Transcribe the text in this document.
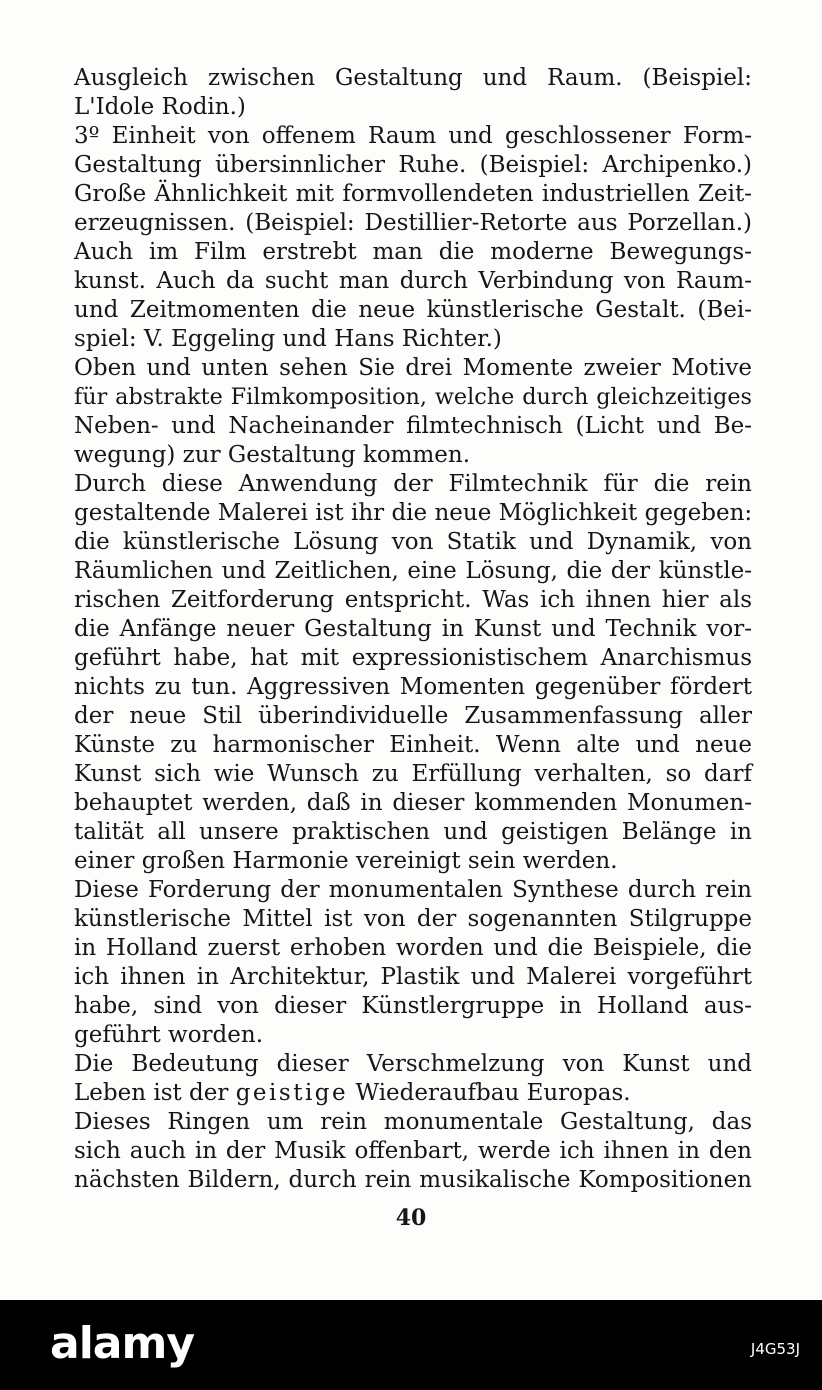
Ausgleich zwischen Gestaltung und Raum. (Beispiel:
L'Idole Rodin.)
3º Einheit von offenem Raum und geschlossener Form-
Gestaltung übersinnlicher Ruhe. (Beispiel: Archipenko.)
Große Ähnlichkeit mit formvollendeten industriellen Zeit-
erzeugnissen. (Beispiel: Destillier-Retorte aus Porzellan.)
Auch im Film erstrebt man die moderne Bewegungs-
kunst. Auch da sucht man durch Verbindung von Raum-
und Zeitmomenten die neue künstlerische Gestalt. (Bei-
spiel: V. Eggeling und Hans Richter.)
Oben und unten sehen Sie drei Momente zweier Motive
für abstrakte Filmkomposition, welche durch gleichzeitiges
Neben- und Nacheinander filmtechnisch (Licht und Be-
wegung) zur Gestaltung kommen.
Durch diese Anwendung der Filmtechnik für die rein
gestaltende Malerei ist ihr die neue Möglichkeit gegeben:
die künstlerische Lösung von Statik und Dynamik, von
Räumlichen und Zeitlichen, eine Lösung, die der künstle-
rischen Zeitforderung entspricht. Was ich ihnen hier als
die Anfänge neuer Gestaltung in Kunst und Technik vor-
geführt habe, hat mit expressionistischem Anarchismus
nichts zu tun. Aggressiven Momenten gegenüber fördert
der neue Stil überindividuelle Zusammenfassung aller
Künste zu harmonischer Einheit. Wenn alte und neue
Kunst sich wie Wunsch zu Erfüllung verhalten, so darf
behauptet werden, daß in dieser kommenden Monumen-
talität all unsere praktischen und geistigen Belänge in
einer großen Harmonie vereinigt sein werden.
Diese Forderung der monumentalen Synthese durch rein
künstlerische Mittel ist von der sogenannten Stilgruppe
in Holland zuerst erhoben worden und die Beispiele, die
ich ihnen in Architektur, Plastik und Malerei vorgeführt
habe, sind von dieser Künstlergruppe in Holland aus-
geführt worden.
Die Bedeutung dieser Verschmelzung von Kunst und
Leben ist der geistige Wiederaufbau Europas.
Dieses Ringen um rein monumentale Gestaltung, das
sich auch in der Musik offenbart, werde ich ihnen in den
nächsten Bildern, durch rein musikalische Kompositionen
40
alamy	J4G53J
